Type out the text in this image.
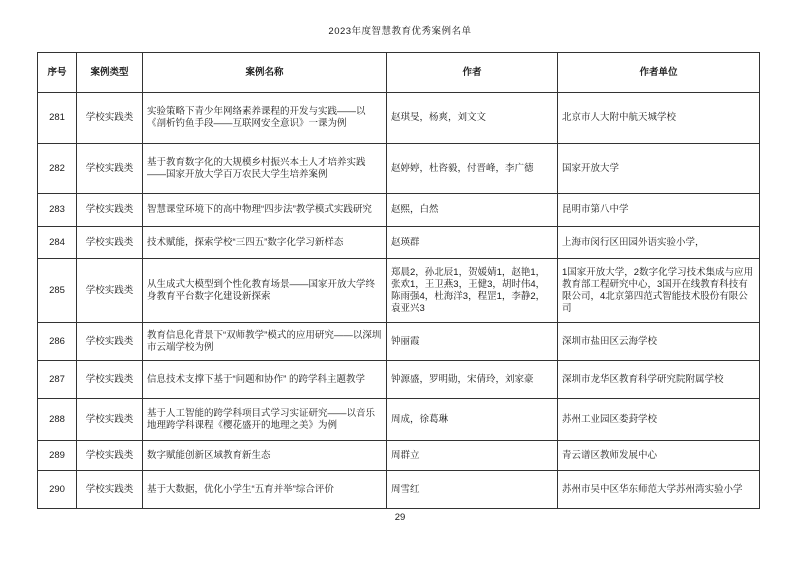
2023年度智慧教育优秀案例名单
序号	案例类型	案例名称	作者	作者单位
281	学校实践类	实验策略下青少年网络素养课程的开发与实践——以《剖析钓鱼手段——互联网安全意识》一课为例	赵琪旻，杨爽，刘文文	北京市人大附中航天城学校
282	学校实践类	基于教育数字化的大规模乡村振兴本土人才培养实践——国家开放大学百万农民大学生培养案例	赵婷婷，杜咨毅，付晋峰，李广德	国家开放大学
283	学校实践类	智慧课堂环境下的高中物理“四步法”教学模式实践研究	赵熙，白然	昆明市第八中学
284	学校实践类	技术赋能，探索学校“三四五”数字化学习新样态	赵瑛群	上海市闵行区田园外语实验小学，
285	学校实践类	从生成式大模型到个性化教育场景——国家开放大学终身教育平台数字化建设新探索	郑晨2，孙北辰1，贺媛婧1，赵艳1，张欢1，王卫燕3，王健3，胡时伟4，陈雨强4，杜海洋3，程罡1，李静2，袁亚兴3	1国家开放大学，2数字化学习技术集成与应用教育部工程研究中心，3国开在线教育科技有限公司，4北京第四范式智能技术股份有限公司
286	学校实践类	教育信息化背景下“双师教学”模式的应用研究——以深圳市云端学校为例	钟丽霞	深圳市盐田区云海学校
287	学校实践类	信息技术支撑下基于“问题和协作” 的跨学科主题教学	钟源盛，罗明勋，宋倩玲，刘家豪	深圳市龙华区教育科学研究院附属学校
288	学校实践类	基于人工智能的跨学科项目式学习实证研究——以音乐地理跨学科课程《樱花盛开的地理之美》为例	周成，徐葛琳	苏州工业园区娄葑学校
289	学校实践类	数字赋能创新区域教育新生态	周群立	青云谱区教师发展中心
290	学校实践类	基于大数据，优化小学生“五育并举”综合评价	周雪红	苏州市吴中区华东师范大学苏州湾实验小学
29
